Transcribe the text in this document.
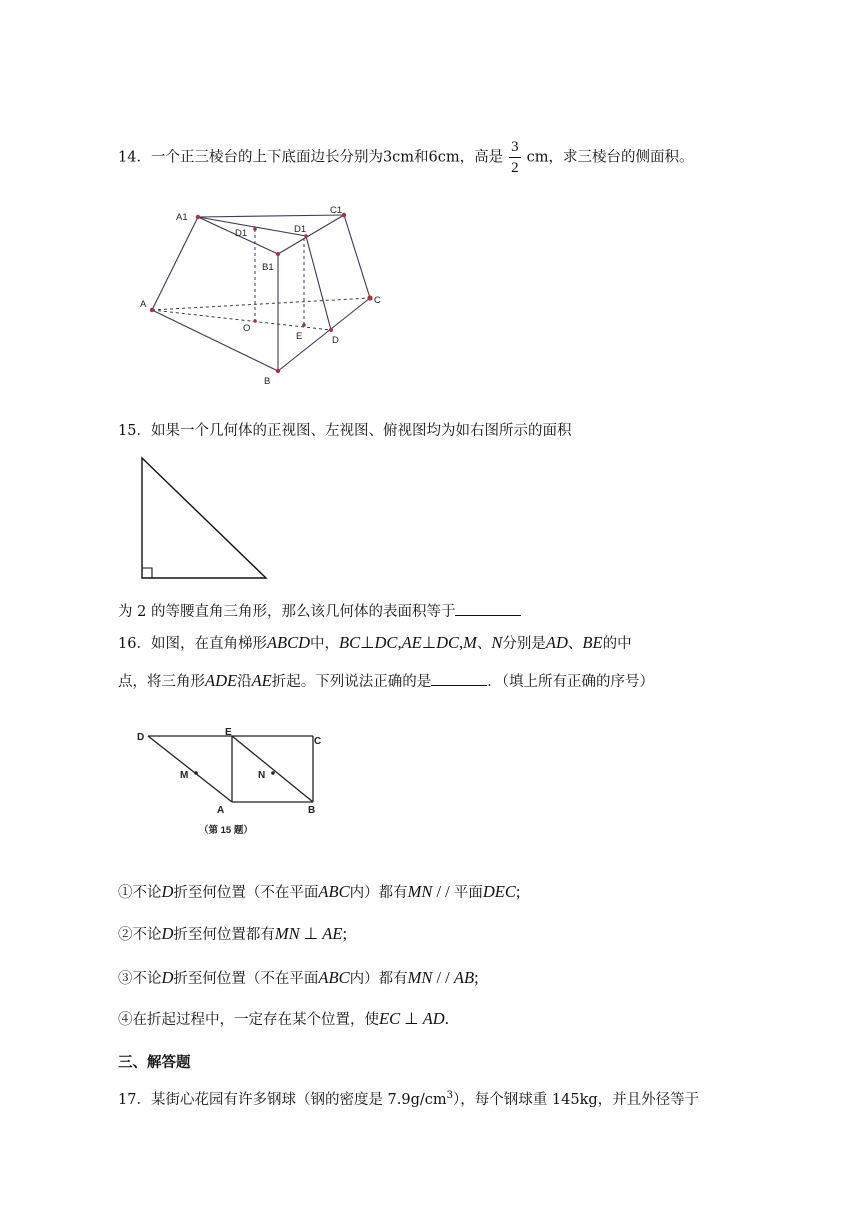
14．一个正三棱台的上下底面边长分别为3cm和6cm，高是 $\frac{3}{2}$ cm，求三棱台的侧面积。
A1
C1
D1	D1
B1
A	C
O
E	D
B
15．如果一个几何体的正视图、左视图、俯视图均为如右图所示的面积
为 2 的等腰直角三角形，那么该几何体的表面积等于
16．如图，在直角梯形ABCD中，BC⊥DC,AE⊥DC,M、N分别是AD、BE的中
点，将三角形ADE沿AE折起。下列说法正确的是	．（填上所有正确的序号）
D	E
C
M	N
A	B
（第 15 题）
①不论D折至何位置（不在平面ABC内）都有MN / / 平面DEC;
②不论D折至何位置都有MN ⊥ AE;
③不论D折至何位置（不在平面ABC内）都有MN / / AB;
④在折起过程中，一定存在某个位置，使EC ⊥ AD.
三、解答题
17．某街心花园有许多钢球（钢的密度是 $7.9g/cm^3$），每个钢球重 145kg，并且外径等于
